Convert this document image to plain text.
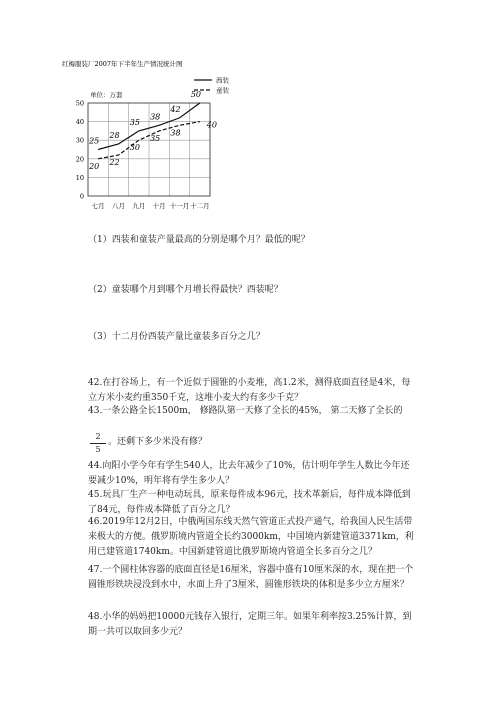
红梅服装厂2007年下半年生产情况统计图
单位：万套
0
10
20
30
40
50
七月 八月 九月 十月 十一月 十二月
25
28
35
38
42
50
20 22
30
35
38
40
西装
童装

（1）西装和童装产量最高的分别是哪个月？最低的呢？

（2）童装哪个月到哪个月增长得最快？西装呢？

（3）十二月份西装产量比童装多百分之几？

42.在打谷场上，有一个近似于圆锥的小麦堆，高1.2米，测得底面直径是4米，每立方米小麦约重350千克，这堆小麦大约有多少千克？

43.一条公路全长1500m， 修路队第一天修了全长的45%， 第二天修了全长的

2
5
。还剩下多少米没有修？

44.向阳小学今年有学生540人，比去年减少了10%，估计明年学生人数比今年还要减少10%，明年将有学生多少人？

45.玩具厂生产一种电动玩具，原来每件成本96元，技术革新后，每件成本降低到了84元，每件成本降低了百分之几？

46.2019年12月2日，中俄两国东线天然气管道正式投产通气，给我国人民生活带来极大的方便。俄罗斯境内管道全长约3000km，中国境内新建管道3371km，利用已建管道1740km。中国新建管道比俄罗斯境内管道全长多百分之几？

47.一个圆柱体容器的底面直径是16厘米，容器中盛有10厘米深的水，现在把一个圆锥形铁块浸没到水中，水面上升了3厘米，圆锥形铁块的体积是多少立方厘米？

48.小华的妈妈把10000元钱存入银行，定期三年。如果年利率按3.25%计算，到期一共可以取回多少元？
